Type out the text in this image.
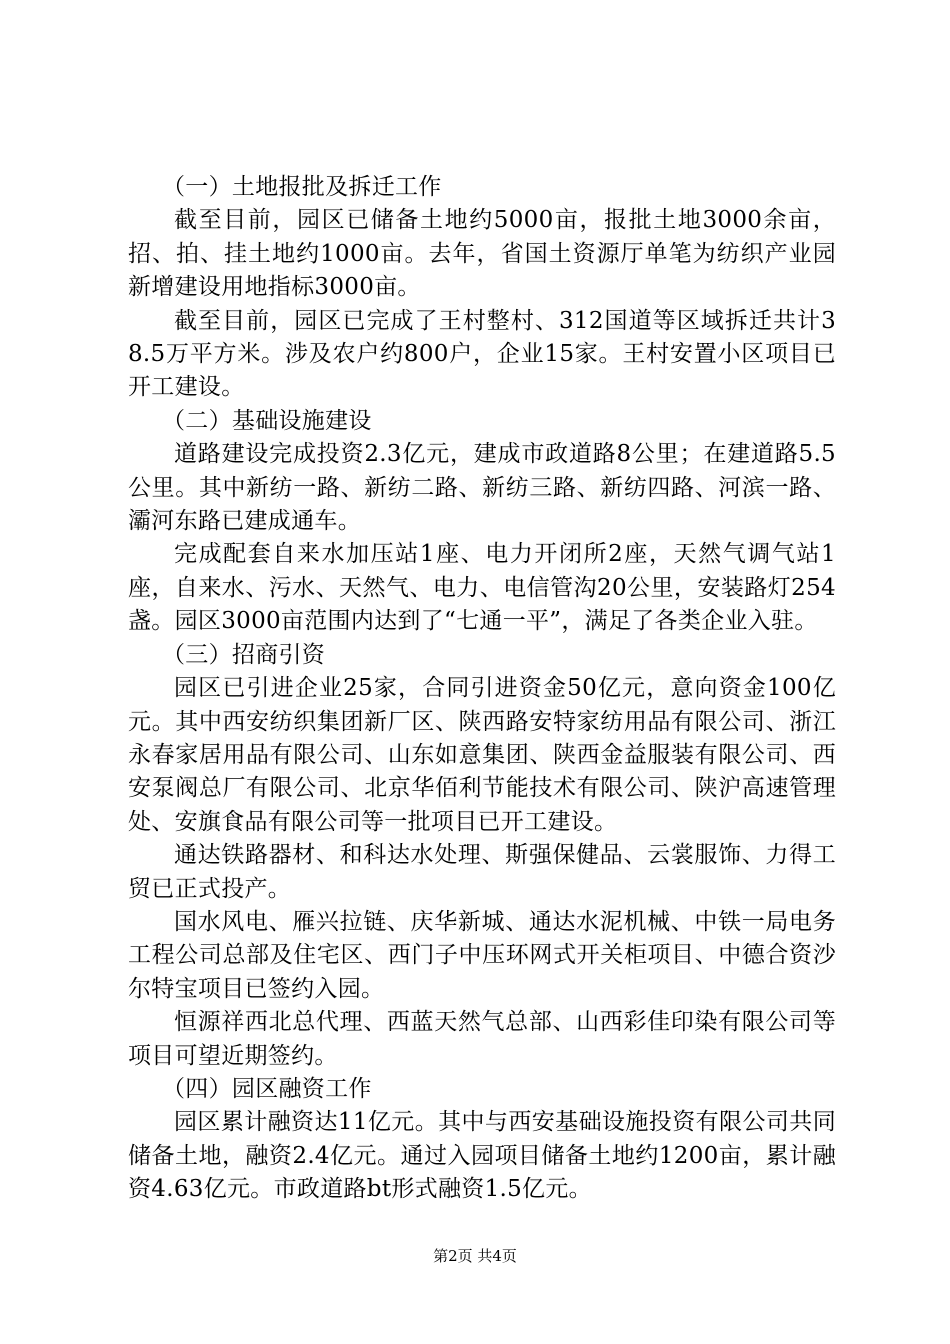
（一）土地报批及拆迁工作

截至目前，园区已储备土地约5000亩，报批土地3000余亩，招、拍、挂土地约1000亩。去年，省国土资源厅单笔为纺织产业园新增建设用地指标3000亩。

截至目前，园区已完成了王村整村、312国道等区域拆迁共计38.5万平方米。涉及农户约800户，企业15家。王村安置小区项目已开工建设。

（二）基础设施建设

道路建设完成投资2.3亿元，建成市政道路8公里；在建道路5.5公里。其中新纺一路、新纺二路、新纺三路、新纺四路、河滨一路、灞河东路已建成通车。

完成配套自来水加压站1座、电力开闭所2座，天然气调气站1座，自来水、污水、天然气、电力、电信管沟20公里，安装路灯254盏。园区3000亩范围内达到了“七通一平”，满足了各类企业入驻。

（三）招商引资

园区已引进企业25家，合同引进资金50亿元，意向资金100亿元。其中西安纺织集团新厂区、陕西路安特家纺用品有限公司、浙江永春家居用品有限公司、山东如意集团、陕西金益服装有限公司、西安泵阀总厂有限公司、北京华佰利节能技术有限公司、陕沪高速管理处、安旗食品有限公司等一批项目已开工建设。

通达铁路器材、和科达水处理、斯强保健品、云裳服饰、力得工贸已正式投产。

国水风电、雁兴拉链、庆华新城、通达水泥机械、中铁一局电务工程公司总部及住宅区、西门子中压环网式开关柜项目、中德合资沙尔特宝项目已签约入园。

恒源祥西北总代理、西蓝天然气总部、山西彩佳印染有限公司等项目可望近期签约。

（四）园区融资工作

园区累计融资达11亿元。其中与西安基础设施投资有限公司共同储备土地，融资2.4亿元。通过入园项目储备土地约1200亩，累计融资4.63亿元。市政道路bt形式融资1.5亿元。

第2页 共4页
